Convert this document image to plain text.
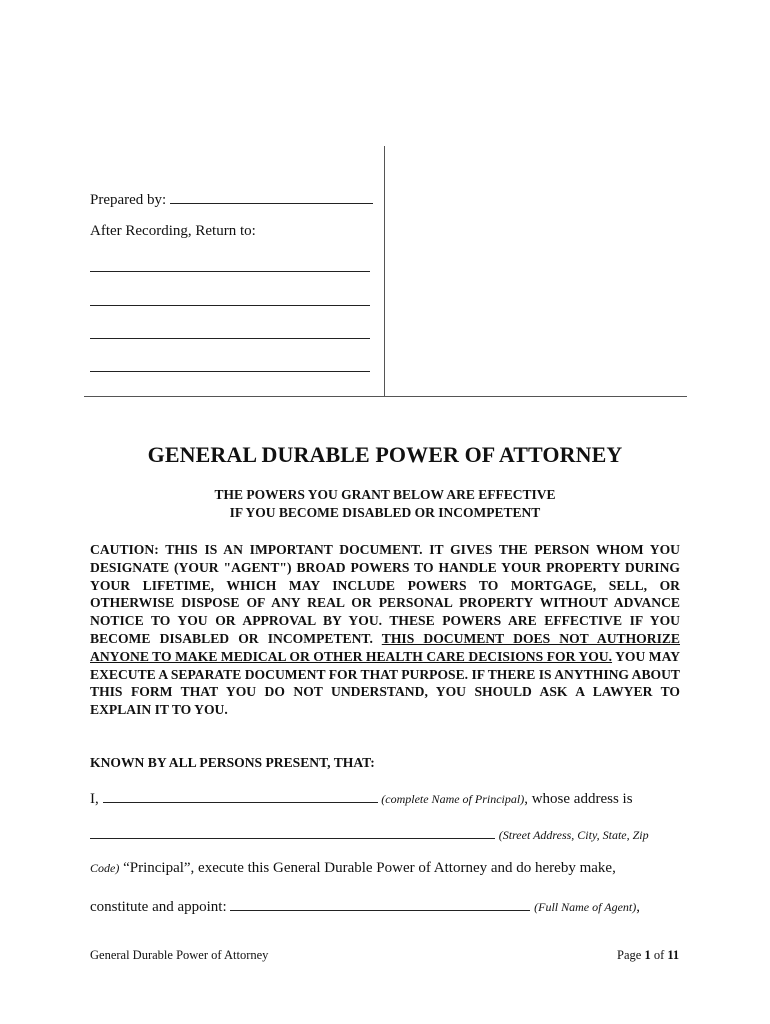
Prepared by:
After Recording, Return to:
GENERAL DURABLE POWER OF ATTORNEY
THE POWERS YOU GRANT BELOW ARE EFFECTIVE
IF YOU BECOME DISABLED OR INCOMPETENT
CAUTION: THIS IS AN IMPORTANT DOCUMENT. IT GIVES THE PERSON WHOM YOU DESIGNATE (YOUR "AGENT") BROAD POWERS TO HANDLE YOUR PROPERTY DURING YOUR LIFETIME, WHICH MAY INCLUDE POWERS TO MORTGAGE, SELL, OR OTHERWISE DISPOSE OF ANY REAL OR PERSONAL PROPERTY WITHOUT ADVANCE NOTICE TO YOU OR APPROVAL BY YOU. THESE POWERS ARE EFFECTIVE IF YOU BECOME DISABLED OR INCOMPETENT. THIS DOCUMENT DOES NOT AUTHORIZE ANYONE TO MAKE MEDICAL OR OTHER HEALTH CARE DECISIONS FOR YOU. YOU MAY EXECUTE A SEPARATE DOCUMENT FOR THAT PURPOSE. IF THERE IS ANYTHING ABOUT THIS FORM THAT YOU DO NOT UNDERSTAND, YOU SHOULD ASK A LAWYER TO EXPLAIN IT TO YOU.
KNOWN BY ALL PERSONS PRESENT, THAT:
I,	(complete Name of Principal), whose address is
(Street Address, City, State, Zip
Code) “Principal”, execute this General Durable Power of Attorney and do hereby make,
constitute and appoint:	(Full Name of Agent),
General Durable Power of Attorney	Page 1 of 11
